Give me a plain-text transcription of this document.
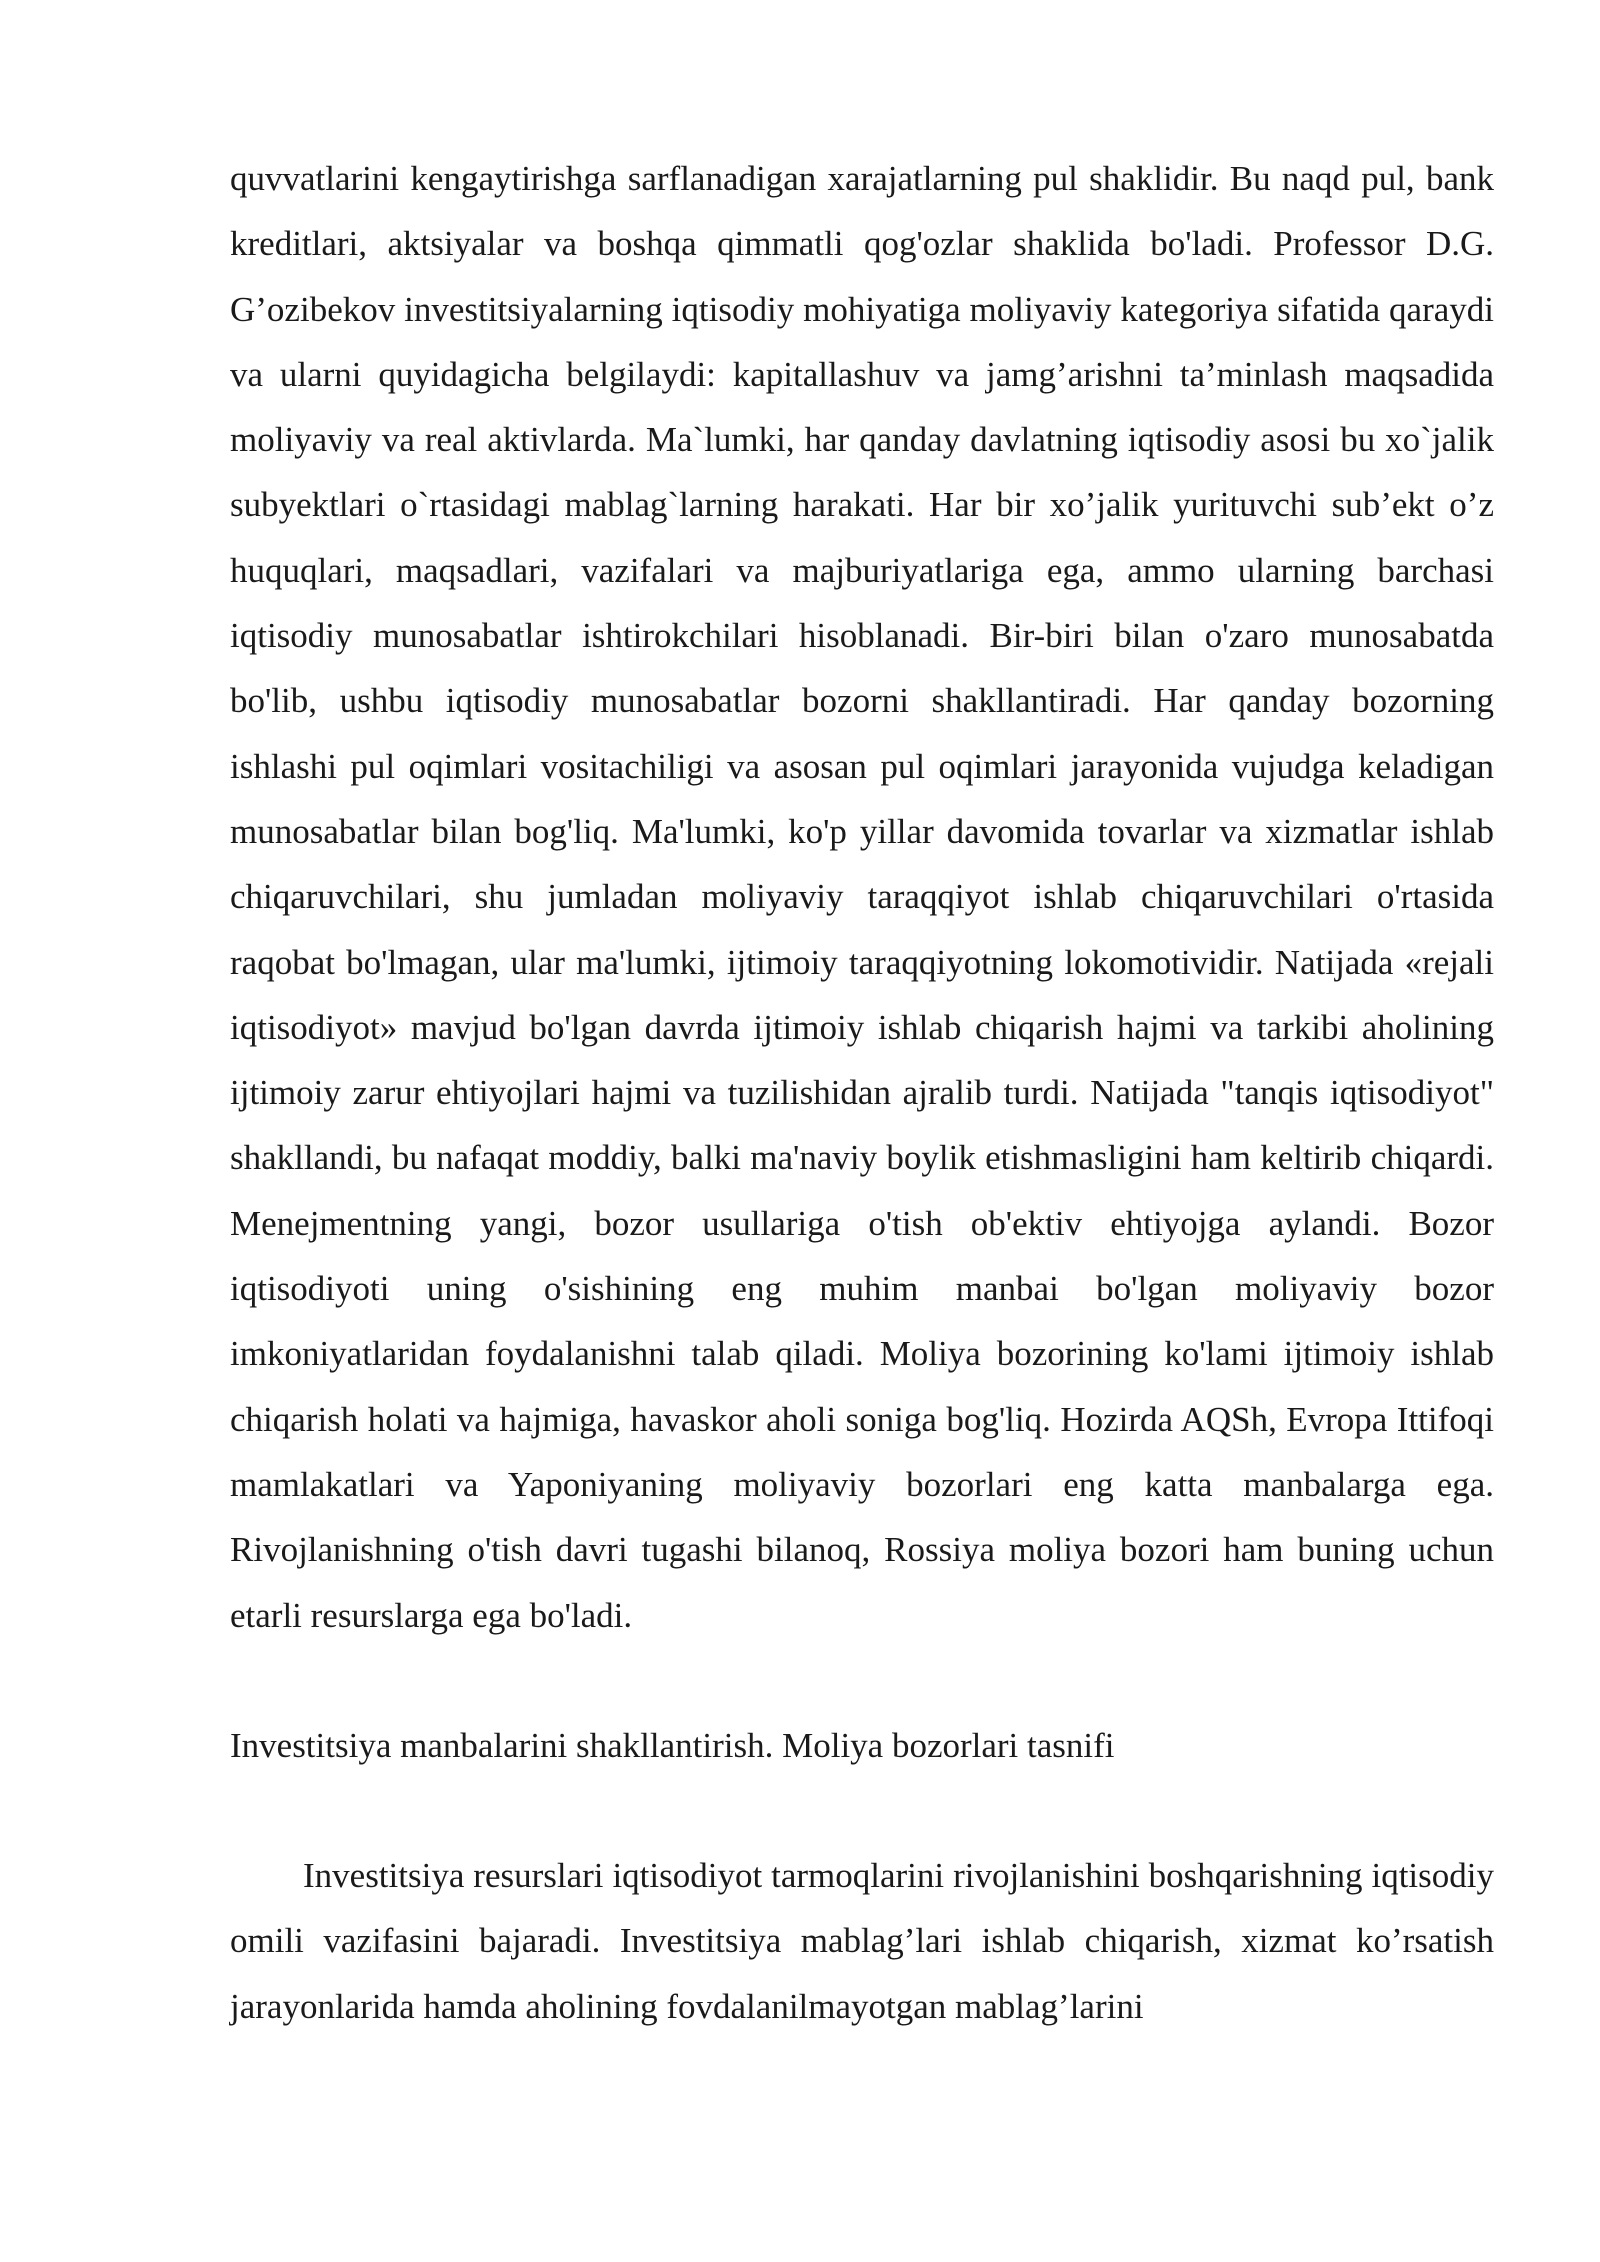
quvvatlarini kengaytirishga sarflanadigan xarajatlarning pul shaklidir. Bu naqd pul, bank kreditlari, aktsiyalar va boshqa qimmatli qog'ozlar shaklida bo'ladi. Professor D.G. G’ozibekov investitsiyalarning iqtisodiy mohiyatiga moliyaviy kategoriya sifatida qaraydi va ularni quyidagicha belgilaydi: kapitallashuv va jamg’arishni ta’minlash maqsadida moliyaviy va real aktivlarda. Ma`lumki, har qanday davlatning iqtisodiy asosi bu xo`jalik subyektlari o`rtasidagi mablag`larning harakati. Har bir xo’jalik yurituvchi sub’ekt o’z huquqlari, maqsadlari, vazifalari va majburiyatlariga ega, ammo ularning barchasi iqtisodiy munosabatlar ishtirokchilari hisoblanadi. Bir-biri bilan o'zaro munosabatda bo'lib, ushbu iqtisodiy munosabatlar bozorni shakllantiradi. Har qanday bozorning ishlashi pul oqimlari vositachiligi va asosan pul oqimlari jarayonida vujudga keladigan munosabatlar bilan bog'liq. Ma'lumki, ko'p yillar davomida tovarlar va xizmatlar ishlab chiqaruvchilari, shu jumladan moliyaviy taraqqiyot ishlab chiqaruvchilari o'rtasida raqobat bo'lmagan, ular ma'lumki, ijtimoiy taraqqiyotning lokomotividir. Natijada «rejali iqtisodiyot» mavjud bo'lgan davrda ijtimoiy ishlab chiqarish hajmi va tarkibi aholining ijtimoiy zarur ehtiyojlari hajmi va tuzilishidan ajralib turdi. Natijada "tanqis iqtisodiyot" shakllandi, bu nafaqat moddiy, balki ma'naviy boylik etishmasligini ham keltirib chiqardi. Menejmentning yangi, bozor usullariga o'tish ob'ektiv ehtiyojga aylandi. Bozor iqtisodiyoti uning o'sishining eng muhim manbai bo'lgan moliyaviy bozor imkoniyatlaridan foydalanishni talab qiladi. Moliya bozorining ko'lami ijtimoiy ishlab chiqarish holati va hajmiga, havaskor aholi soniga bog'liq. Hozirda AQSh, Evropa Ittifoqi mamlakatlari va Yaponiyaning moliyaviy bozorlari eng katta manbalarga ega. Rivojlanishning o'tish davri tugashi bilanoq, Rossiya moliya bozori ham buning uchun etarli resurslarga ega bo'ladi.

Investitsiya manbalarini shakllantirish. Moliya bozorlari tasnifi

Investitsiya resurslari iqtisodiyot tarmoqlarini rivojlanishini boshqarishning iqtisodiy omili vazifasini bajaradi. Investitsiya mablag’lari ishlab chiqarish, xizmat ko’rsatish jarayonlarida hamda aholining fovdalanilmayotgan mablag’larini
